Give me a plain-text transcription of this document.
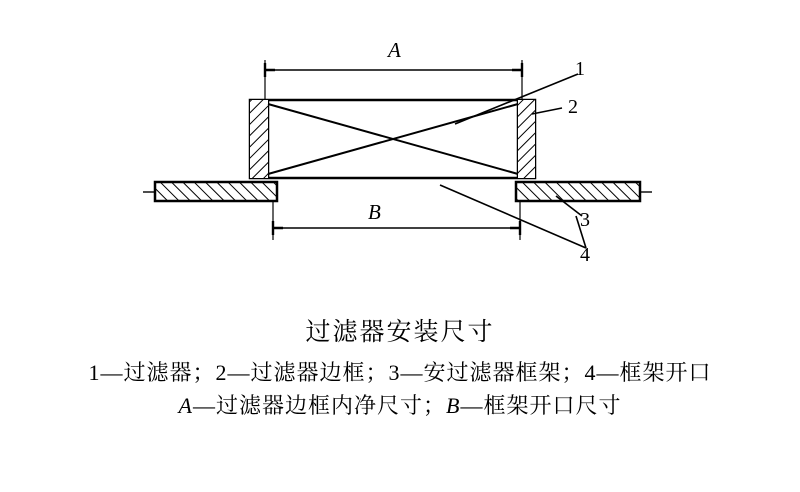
A
B
1
2
3
4
过滤器安装尺寸
1—过滤器；2—过滤器边框；3—安过滤器框架；4—框架开口
A—过滤器边框内净尺寸；B—框架开口尺寸
